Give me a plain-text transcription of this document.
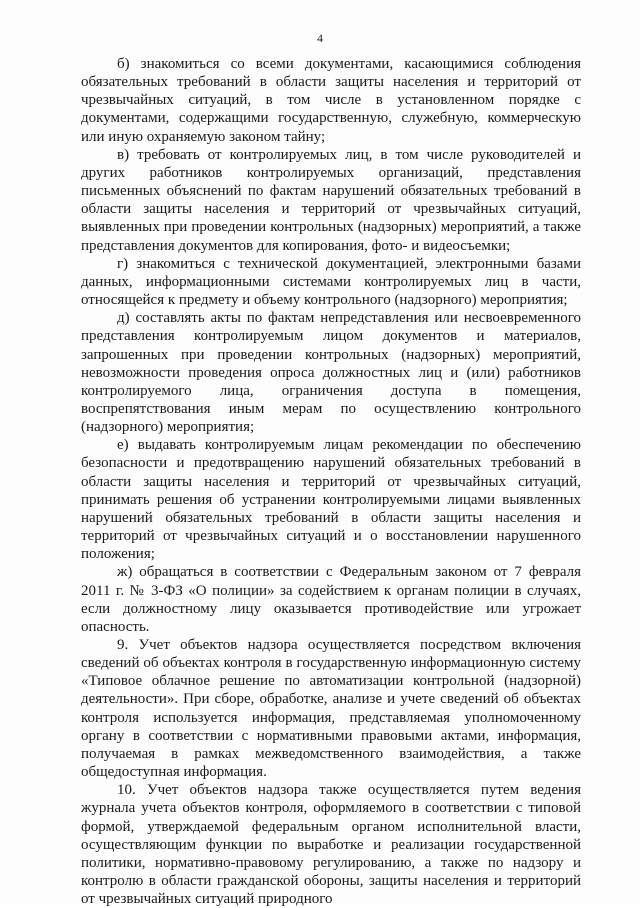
4

б) знакомиться со всеми документами, касающимися соблюдения обязательных требований в области защиты населения и территорий от чрезвычайных ситуаций, в том числе в установленном порядке с документами, содержащими государственную, служебную, коммерческую или иную охраняемую законом тайну;

в) требовать от контролируемых лиц, в том числе руководителей и других работников контролируемых организаций, представления письменных объяснений по фактам нарушений обязательных требований в области защиты населения и территорий от чрезвычайных ситуаций, выявленных при проведении контрольных (надзорных) мероприятий, а также представления документов для копирования, фото- и видеосъемки;

г) знакомиться с технической документацией, электронными базами данных, информационными системами контролируемых лиц в части, относящейся к предмету и объему контрольного (надзорного) мероприятия;

д) составлять акты по фактам непредставления или несвоевременного представления контролируемым лицом документов и материалов, запрошенных при проведении контрольных (надзорных) мероприятий, невозможности проведения опроса должностных лиц и (или) работников контролируемого лица, ограничения доступа в помещения, воспрепятствования иным мерам по осуществлению контрольного (надзорного) мероприятия;

е) выдавать контролируемым лицам рекомендации по обеспечению безопасности и предотвращению нарушений обязательных требований в области защиты населения и территорий от чрезвычайных ситуаций, принимать решения об устранении контролируемыми лицами выявленных нарушений обязательных требований в области защиты населения и территорий от чрезвычайных ситуаций и о восстановлении нарушенного положения;

ж) обращаться в соответствии с Федеральным законом от 7 февраля 2011 г. № 3-ФЗ «О полиции» за содействием к органам полиции в случаях, если должностному лицу оказывается противодействие или угрожает опасность.

9. Учет объектов надзора осуществляется посредством включения сведений об объектах контроля в государственную информационную систему «Типовое облачное решение по автоматизации контрольной (надзорной) деятельности». При сборе, обработке, анализе и учете сведений об объектах контроля используется информация, представляемая уполномоченному органу в соответствии с нормативными правовыми актами, информация, получаемая в рамках межведомственного взаимодействия, а также общедоступная информация.

10. Учет объектов надзора также осуществляется путем ведения журнала учета объектов контроля, оформляемого в соответствии с типовой формой, утверждаемой федеральным органом исполнительной власти, осуществляющим функции по выработке и реализации государственной политики, нормативно-правовому регулированию, а также по надзору и контролю в области гражданской обороны, защиты населения и территорий от чрезвычайных ситуаций природного
